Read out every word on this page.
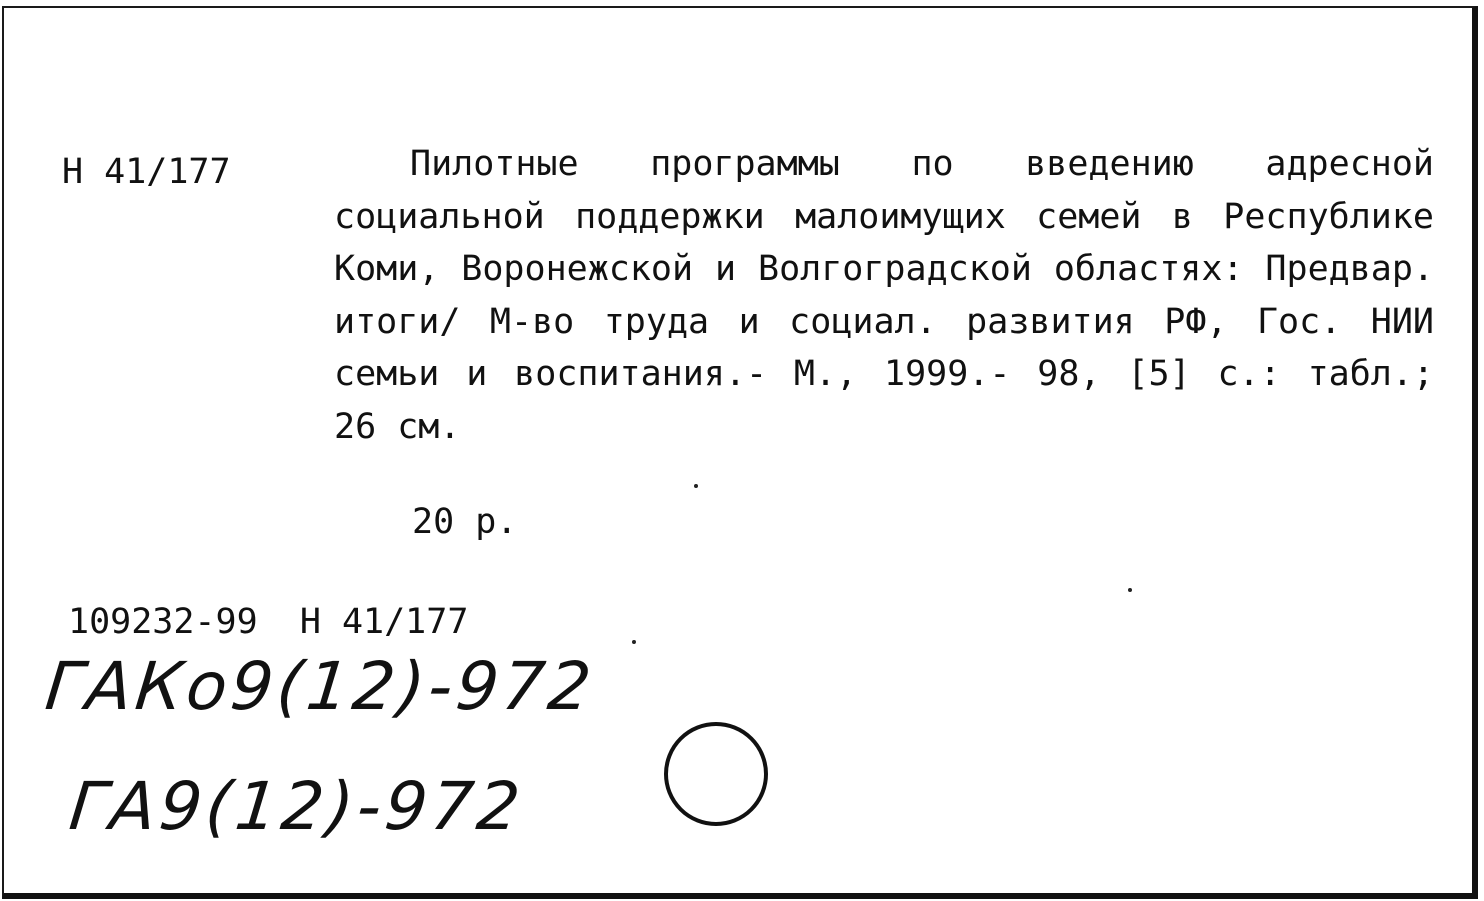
Н 41/177	Пилотные программы по введению адресной социальной поддержки малоимущих семей в Республике Коми, Воронежской и Волгоградской областях: Предвар. итоги/ М-во труда и социал. развития РФ, Гос. НИИ семьи и воспитания.- М., 1999.- 98, [5] с.: табл.; 26 см.

20 р.
109232-99 Н 41/177
ГАКо9(12)-972
ГА9(12)-972
